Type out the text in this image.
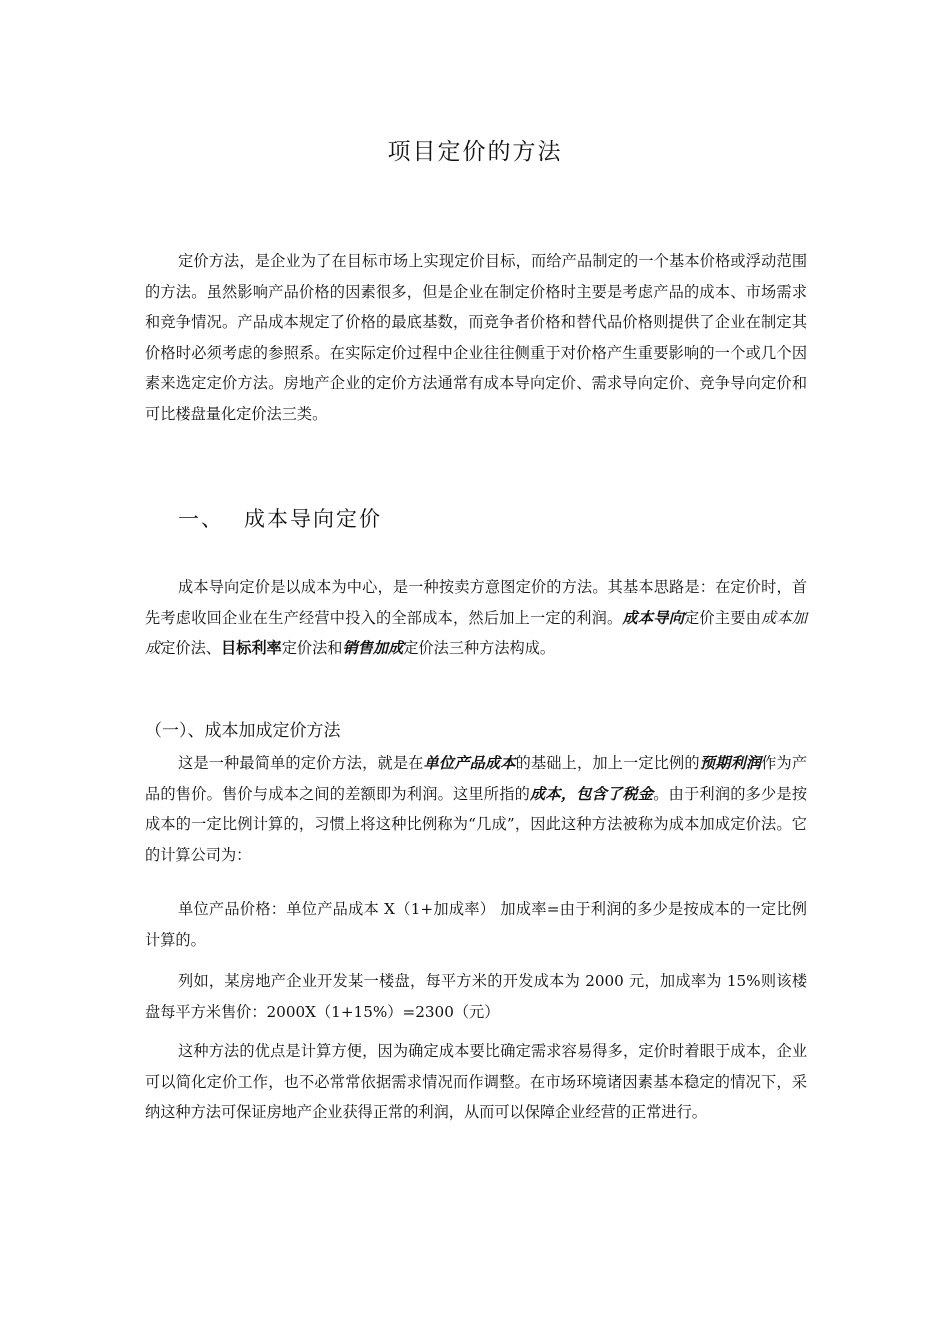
项目定价的方法

定价方法，是企业为了在目标市场上实现定价目标，而给产品制定的一个基本价格或浮动范围的方法。虽然影响产品价格的因素很多，但是企业在制定价格时主要是考虑产品的成本、市场需求和竞争情况。产品成本规定了价格的最底基数，而竞争者价格和替代品价格则提供了企业在制定其价格时必须考虑的参照系。在实际定价过程中企业往往侧重于对价格产生重要影响的一个或几个因素来选定定价方法。房地产企业的定价方法通常有成本导向定价、需求导向定价、竞争导向定价和可比楼盘量化定价法三类。

一、 成本导向定价

成本导向定价是以成本为中心，是一种按卖方意图定价的方法。其基本思路是：在定价时，首先考虑收回企业在生产经营中投入的全部成本，然后加上一定的利润。成本导向定价主要由成本加成定价法、目标利率定价法和销售加成定价法三种方法构成。

（一）、成本加成定价方法

这是一种最简单的定价方法，就是在单位产品成本的基础上，加上一定比例的预期利润作为产品的售价。售价与成本之间的差额即为利润。这里所指的成本，包含了税金。由于利润的多少是按成本的一定比例计算的，习惯上将这种比例称为“几成”，因此这种方法被称为成本加成定价法。它的计算公司为：

单位产品价格：单位产品成本 X（1+加成率） 加成率=由于利润的多少是按成本的一定比例计算的。

列如，某房地产企业开发某一楼盘，每平方米的开发成本为 2000 元，加成率为 15%则该楼盘每平方米售价：2000X（1+15%）=2300（元）

这种方法的优点是计算方便，因为确定成本要比确定需求容易得多，定价时着眼于成本，企业可以简化定价工作，也不必常常依据需求情况而作调整。在市场环境诸因素基本稳定的情况下，采纳这种方法可保证房地产企业获得正常的利润，从而可以保障企业经营的正常进行。
